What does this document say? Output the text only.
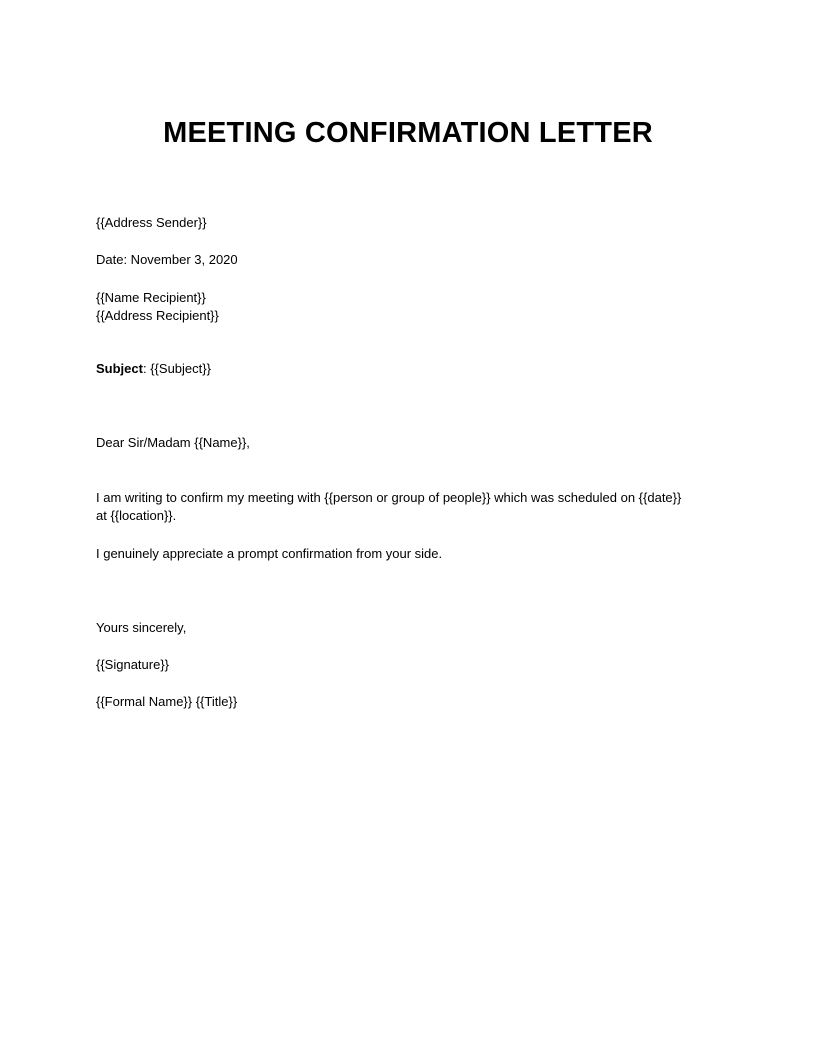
MEETING CONFIRMATION LETTER
{{Address Sender}}
Date: November 3, 2020
{{Name Recipient}}
{{Address Recipient}}
Subject: {{Subject}}
Dear Sir/Madam {{Name}},
I am writing to confirm my meeting with {{person or group of people}} which was scheduled on {{date}}
at {{location}}.
I genuinely appreciate a prompt confirmation from your side.
Yours sincerely,
{{Signature}}
{{Formal Name}} {{Title}}
